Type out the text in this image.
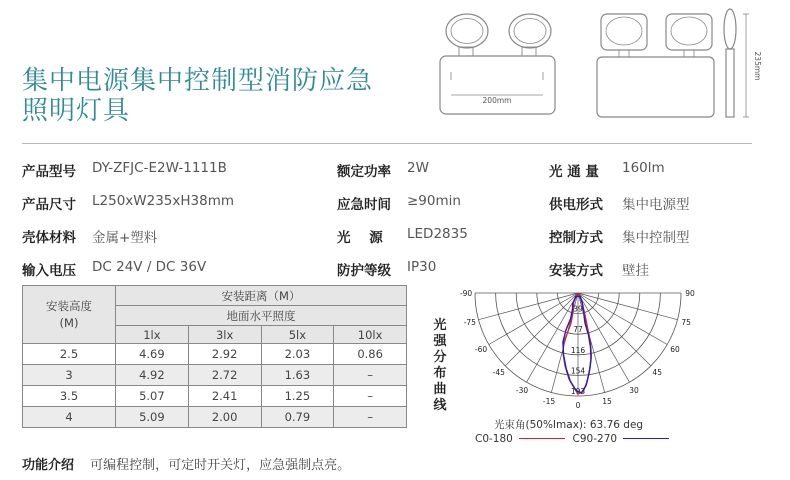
集中电源集中控制型消防应急
照明灯具	200mm
235mm
产品型号 DY-ZFJC-E2W-1111B
产品尺寸 L250xW235xH38mm
壳体材料 金属+塑料
输入电压 DC 24V / DC 36V
额定功率 2W
应急时间 ≥90min
光    源 LED2835
防护等级 IP30
光 通 量 160lm
供电形式 集中电源型
控制方式 集中控制型
安装方式 壁挂
安装高度(M)	安装距离（M）			
	地面水平照度			
	1lx	3lx	5lx	10lx
2.5	4.69	2.92	2.03	0.86
3	4.92	2.72	1.63	–
3.5	5.07	2.41	1.25	–
4	5.09	2.00	0.79	–
功能介绍 可编程控制，可定时开关灯，应急强制点亮。
光强分布曲线
-90
-75
-60
-45
-30
-15	0	15
30
45
60
75
90
39
77
116
154
193
光束角(50%Imax): 63.76 deg
C0-180	C90-270
